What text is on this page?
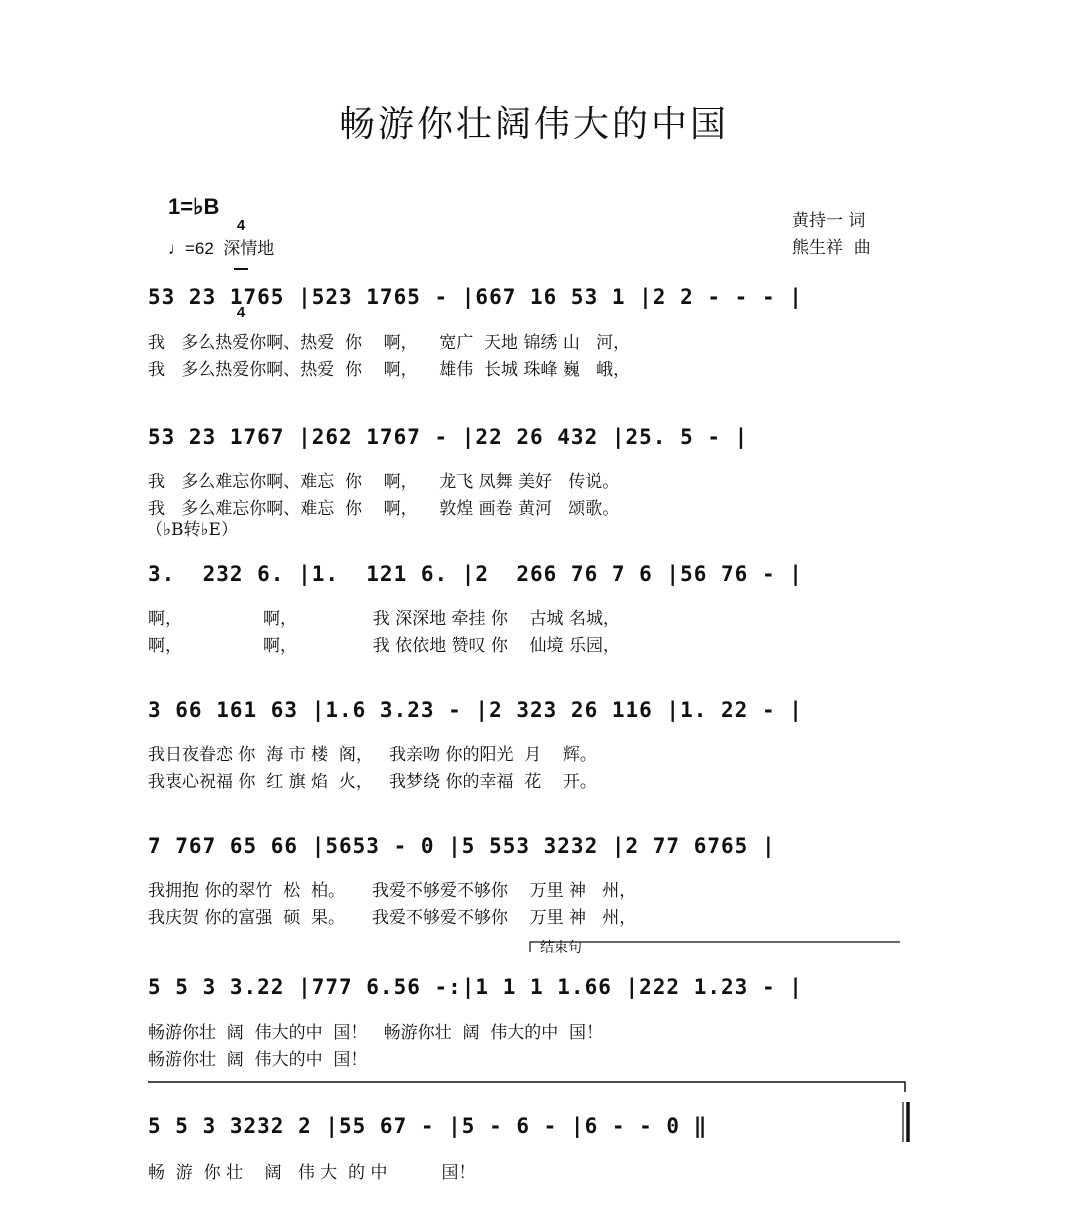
畅游你壮阔伟大的中国
1=♭B

4

4

♩=62  深情地
黄持一 词
熊生祥  曲
53 23 1765 |523 1765 - |667 16 53 1 |2 2 - - - |
我   多么热爱你啊、热爱  你    啊，    宽广  天地 锦绣 山   河，
我   多么热爱你啊、热爱  你    啊，    雄伟  长城 珠峰 巍   峨，
53 23 1767 |262 1767 - |22 26 432 |25. 5 - |
我   多么难忘你啊、难忘  你    啊，    龙飞 凤舞 美好   传说。
我   多么难忘你啊、难忘  你    啊，    敦煌 画卷 黄河   颂歌。
（♭B转♭E）
3.  232 6. |1.  121 6. |2  266 76 7 6 |56 76 - |
啊，               啊，              我 深深地 牵挂 你    古城 名城，
啊，               啊，              我 依依地 赞叹 你    仙境 乐园，
3 66 161 63 |1.6 3.23 - |2 323 26 116 |1. 22 - |
我日夜眷恋 你  海 市 楼  阁，   我亲吻 你的阳光  月    辉。
我衷心祝福 你  红 旗 焰  火，   我梦绕 你的幸福  花    开。
7 767 65 66 |5653 - 0 |5 553 3232 |2 77 6765 |
我拥抱 你的翠竹  松  柏。     我爱不够爱不够你    万里 神   州，
我庆贺 你的富强  硕  果。     我爱不够爱不够你    万里 神   州，
结束句
5 5 3 3.22 |777 6.56 -:|1 1 1 1.66 |222 1.23 - |
畅游你壮  阔  伟大的中  国！   畅游你壮  阔  伟大的中  国！
畅游你壮  阔  伟大的中  国！
5 5 3 3232 2 |55 67 - |5 - 6 - |6 - - 0 ‖
畅  游  你 壮    阔   伟 大  的 中          国！
